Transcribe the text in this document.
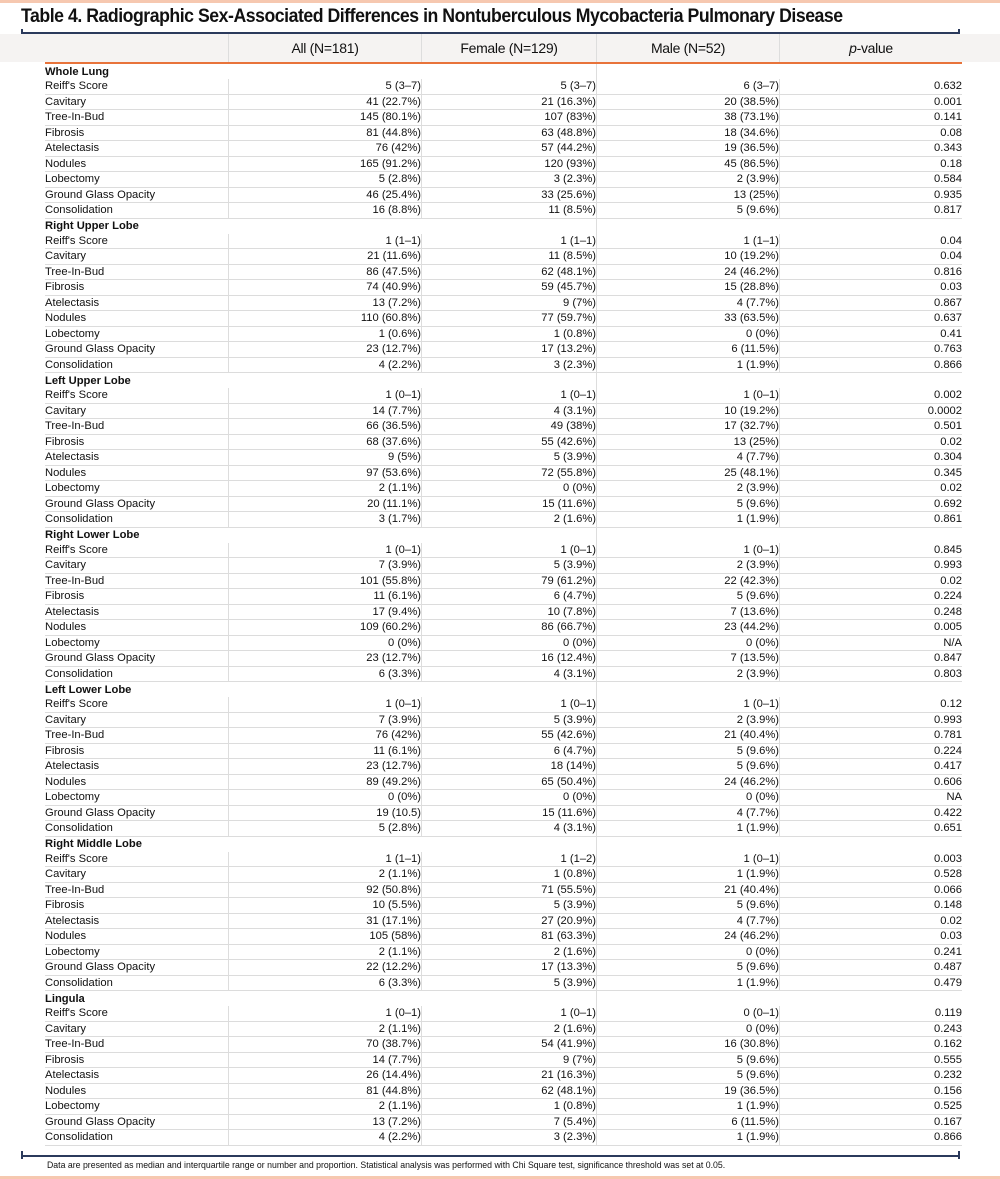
Table 4. Radiographic Sex-Associated Differences in Nontuberculous Mycobacteria Pulmonary Disease
	All (N=181)	Female (N=129)	Male (N=52)	p-value
Whole Lung				
Reiff's Score	5 (3–7)	5 (3–7)	6 (3–7)	0.632
Cavitary	41 (22.7%)	21 (16.3%)	20 (38.5%)	0.001
Tree-In-Bud	145 (80.1%)	107 (83%)	38 (73.1%)	0.141
Fibrosis	81 (44.8%)	63 (48.8%)	18 (34.6%)	0.08
Atelectasis	76 (42%)	57 (44.2%)	19 (36.5%)	0.343
Nodules	165 (91.2%)	120 (93%)	45 (86.5%)	0.18
Lobectomy	5 (2.8%)	3 (2.3%)	2 (3.9%)	0.584
Ground Glass Opacity	46 (25.4%)	33 (25.6%)	13 (25%)	0.935
Consolidation	16 (8.8%)	11 (8.5%)	5 (9.6%)	0.817
Right Upper Lobe				
Reiff's Score	1 (1–1)	1 (1–1)	1 (1–1)	0.04
Cavitary	21 (11.6%)	11 (8.5%)	10 (19.2%)	0.04
Tree-In-Bud	86 (47.5%)	62 (48.1%)	24 (46.2%)	0.816
Fibrosis	74 (40.9%)	59 (45.7%)	15 (28.8%)	0.03
Atelectasis	13 (7.2%)	9 (7%)	4 (7.7%)	0.867
Nodules	110 (60.8%)	77 (59.7%)	33 (63.5%)	0.637
Lobectomy	1 (0.6%)	1 (0.8%)	0 (0%)	0.41
Ground Glass Opacity	23 (12.7%)	17 (13.2%)	6 (11.5%)	0.763
Consolidation	4 (2.2%)	3 (2.3%)	1 (1.9%)	0.866
Left Upper Lobe				
Reiff's Score	1 (0–1)	1 (0–1)	1 (0–1)	0.002
Cavitary	14 (7.7%)	4 (3.1%)	10 (19.2%)	0.0002
Tree-In-Bud	66 (36.5%)	49 (38%)	17 (32.7%)	0.501
Fibrosis	68 (37.6%)	55 (42.6%)	13 (25%)	0.02
Atelectasis	9 (5%)	5 (3.9%)	4 (7.7%)	0.304
Nodules	97 (53.6%)	72 (55.8%)	25 (48.1%)	0.345
Lobectomy	2 (1.1%)	0 (0%)	2 (3.9%)	0.02
Ground Glass Opacity	20 (11.1%)	15 (11.6%)	5 (9.6%)	0.692
Consolidation	3 (1.7%)	2 (1.6%)	1 (1.9%)	0.861
Right Lower Lobe				
Reiff's Score	1 (0–1)	1 (0–1)	1 (0–1)	0.845
Cavitary	7 (3.9%)	5 (3.9%)	2 (3.9%)	0.993
Tree-In-Bud	101 (55.8%)	79 (61.2%)	22 (42.3%)	0.02
Fibrosis	11 (6.1%)	6 (4.7%)	5 (9.6%)	0.224
Atelectasis	17 (9.4%)	10 (7.8%)	7 (13.6%)	0.248
Nodules	109 (60.2%)	86 (66.7%)	23 (44.2%)	0.005
Lobectomy	0 (0%)	0 (0%)	0 (0%)	N/A
Ground Glass Opacity	23 (12.7%)	16 (12.4%)	7 (13.5%)	0.847
Consolidation	6 (3.3%)	4 (3.1%)	2 (3.9%)	0.803
Left Lower Lobe				
Reiff's Score	1 (0–1)	1 (0–1)	1 (0–1)	0.12
Cavitary	7 (3.9%)	5 (3.9%)	2 (3.9%)	0.993
Tree-In-Bud	76 (42%)	55 (42.6%)	21 (40.4%)	0.781
Fibrosis	11 (6.1%)	6 (4.7%)	5 (9.6%)	0.224
Atelectasis	23 (12.7%)	18 (14%)	5 (9.6%)	0.417
Nodules	89 (49.2%)	65 (50.4%)	24 (46.2%)	0.606
Lobectomy	0 (0%)	0 (0%)	0 (0%)	NA
Ground Glass Opacity	19 (10.5)	15 (11.6%)	4 (7.7%)	0.422
Consolidation	5 (2.8%)	4 (3.1%)	1 (1.9%)	0.651
Right Middle Lobe				
Reiff's Score	1 (1–1)	1 (1–2)	1 (0–1)	0.003
Cavitary	2 (1.1%)	1 (0.8%)	1 (1.9%)	0.528
Tree-In-Bud	92 (50.8%)	71 (55.5%)	21 (40.4%)	0.066
Fibrosis	10 (5.5%)	5 (3.9%)	5 (9.6%)	0.148
Atelectasis	31 (17.1%)	27 (20.9%)	4 (7.7%)	0.02
Nodules	105 (58%)	81 (63.3%)	24 (46.2%)	0.03
Lobectomy	2 (1.1%)	2 (1.6%)	0 (0%)	0.241
Ground Glass Opacity	22 (12.2%)	17 (13.3%)	5 (9.6%)	0.487
Consolidation	6 (3.3%)	5 (3.9%)	1 (1.9%)	0.479
Lingula				
Reiff's Score	1 (0–1)	1 (0–1)	0 (0–1)	0.119
Cavitary	2 (1.1%)	2 (1.6%)	0 (0%)	0.243
Tree-In-Bud	70 (38.7%)	54 (41.9%)	16 (30.8%)	0.162
Fibrosis	14 (7.7%)	9 (7%)	5 (9.6%)	0.555
Atelectasis	26 (14.4%)	21 (16.3%)	5 (9.6%)	0.232
Nodules	81 (44.8%)	62 (48.1%)	19 (36.5%)	0.156
Lobectomy	2 (1.1%)	1 (0.8%)	1 (1.9%)	0.525
Ground Glass Opacity	13 (7.2%)	7 (5.4%)	6 (11.5%)	0.167
Consolidation	4 (2.2%)	3 (2.3%)	1 (1.9%)	0.866
Data are presented as median and interquartile range or number and proportion. Statistical analysis was performed with Chi Square test, significance threshold was set at 0.05.
